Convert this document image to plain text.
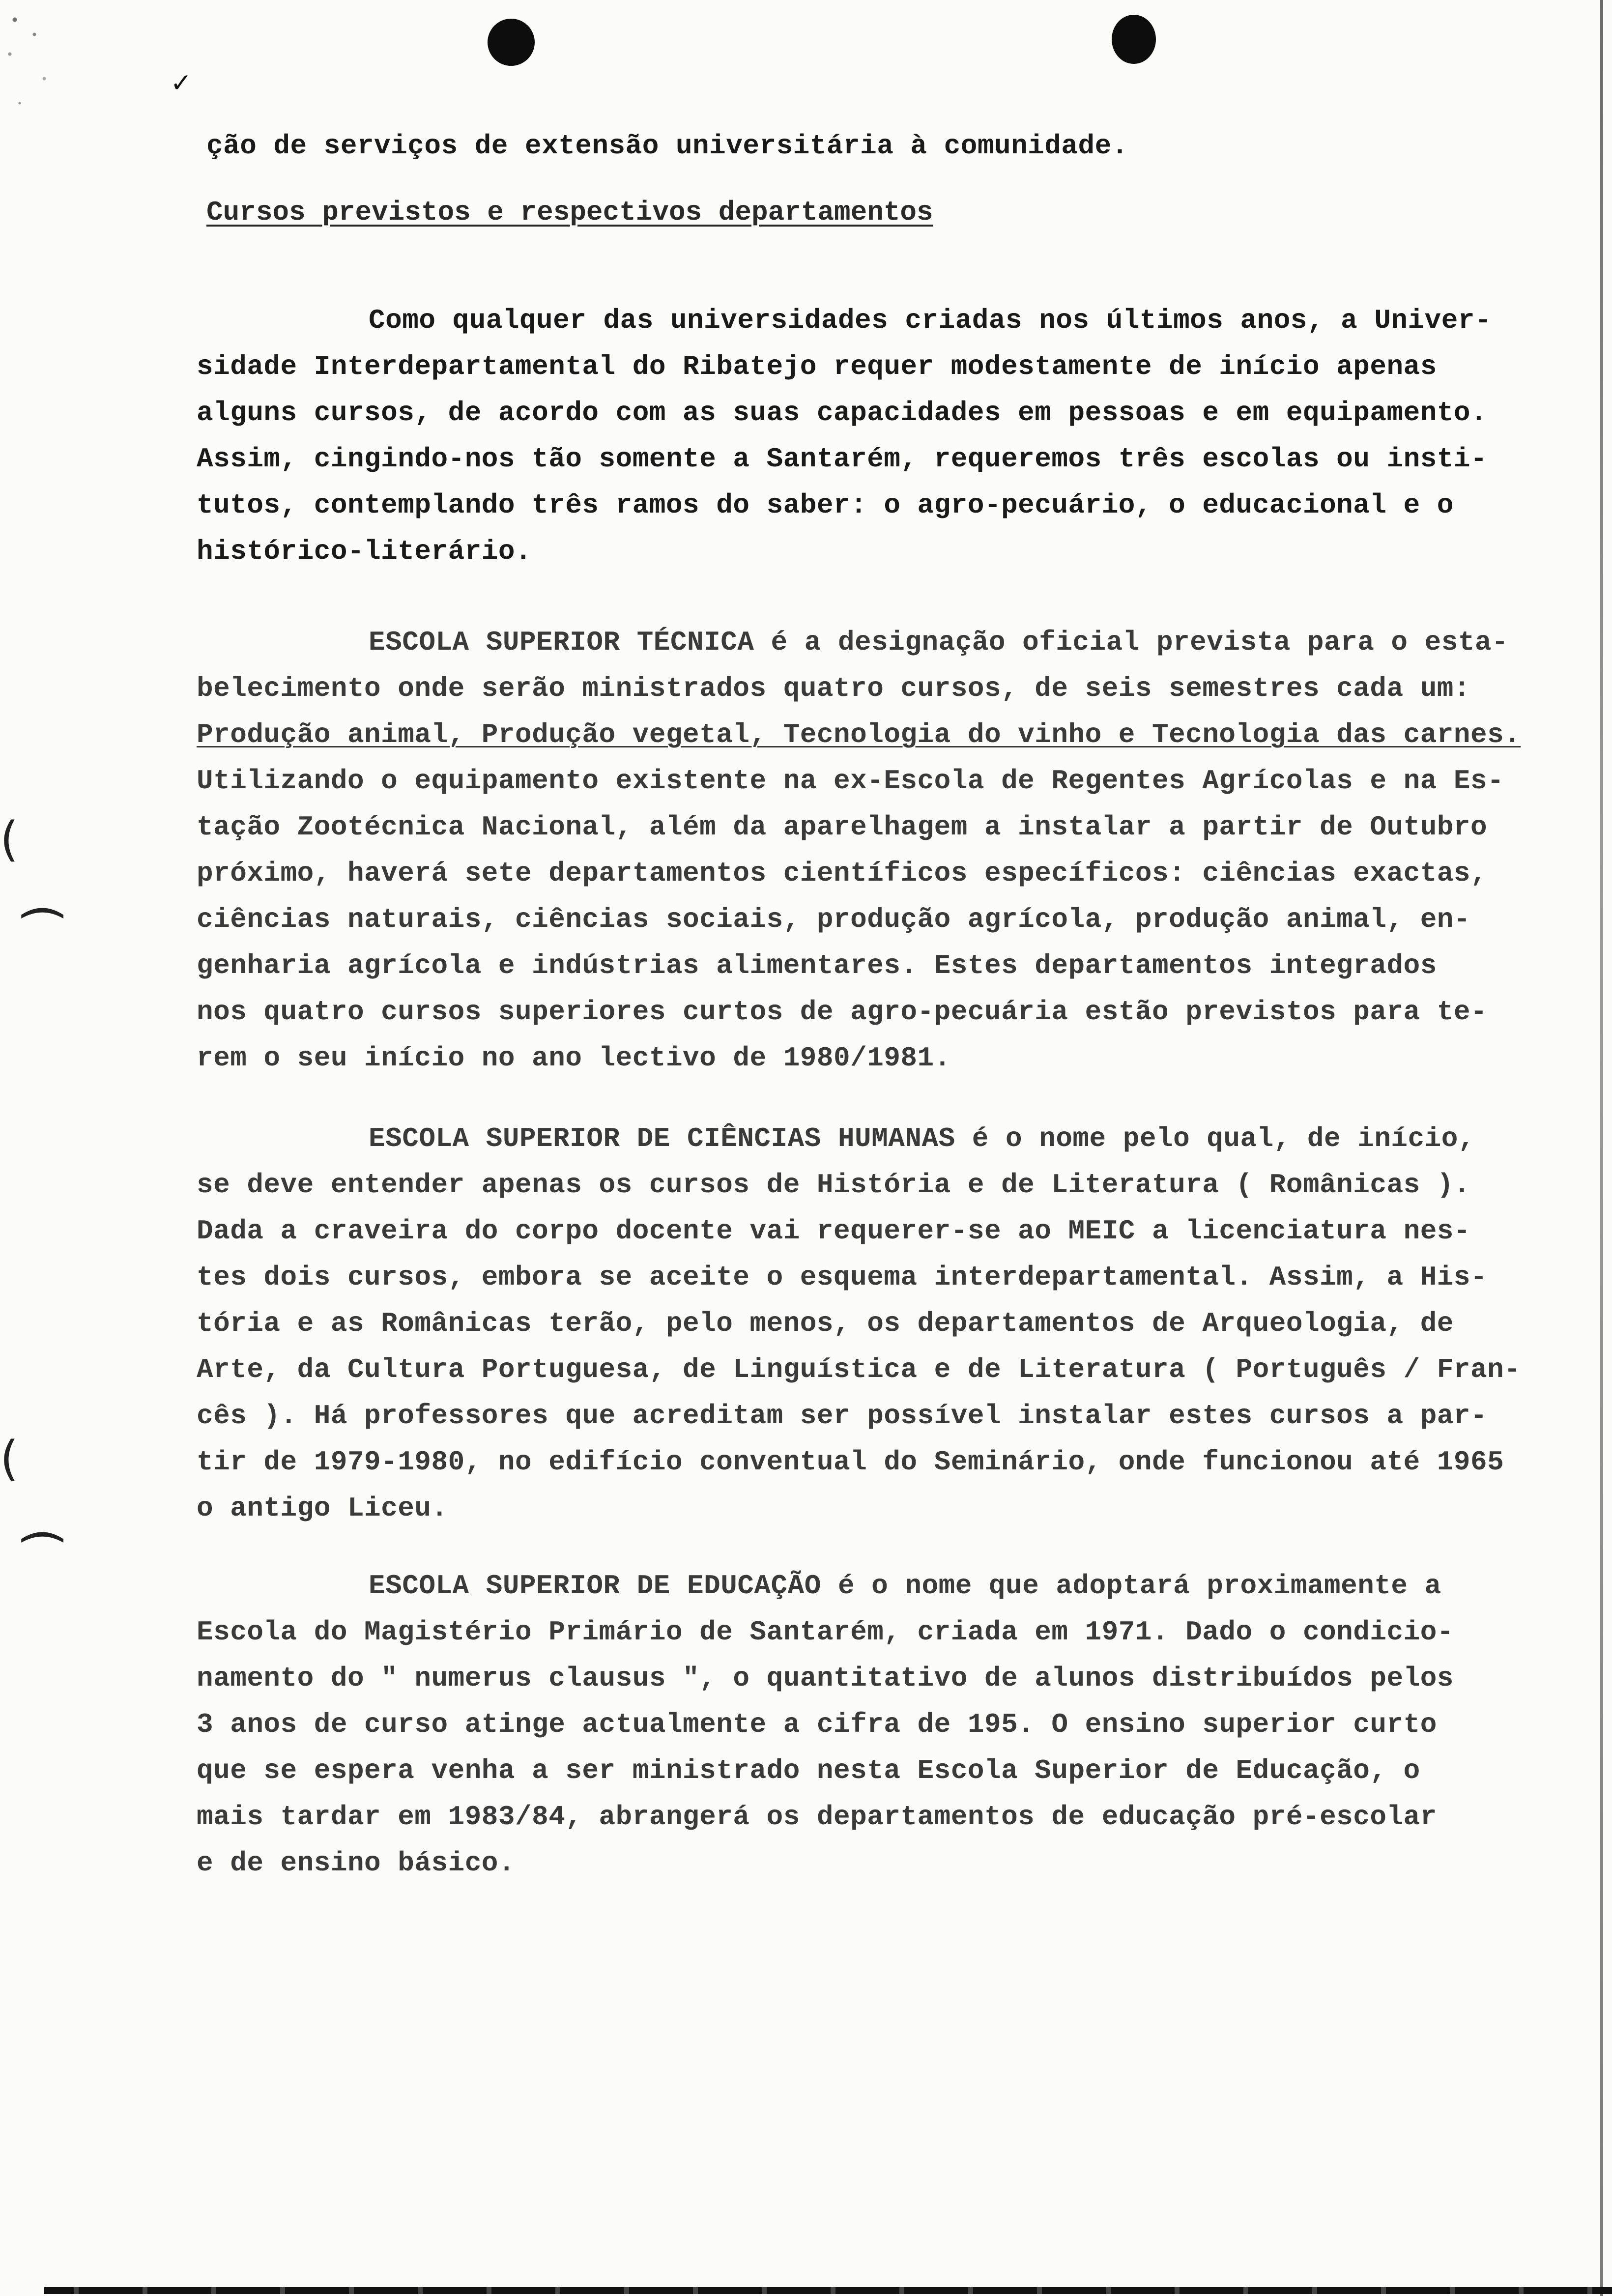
✓
(
(
(
(
ção de serviços de extensão universitária à comunidade.
Cursos previstos e respectivos departamentos
Como qualquer das universidades criadas nos últimos anos, a Univer-
sidade Interdepartamental do Ribatejo requer modestamente de início apenas
alguns cursos, de acordo com as suas capacidades em pessoas e em equipamento.
Assim, cingindo-nos tão somente a Santarém, requeremos três escolas ou insti-
tutos, contemplando três ramos do saber: o agro-pecuário, o educacional e o
histórico-literário.
ESCOLA SUPERIOR TÉCNICA é a designação oficial prevista para o esta-
belecimento onde serão ministrados quatro cursos, de seis semestres cada um:
Produção animal, Produção vegetal, Tecnologia do vinho e Tecnologia das carnes.
Utilizando o equipamento existente na ex-Escola de Regentes Agrícolas e na Es-
tação Zootécnica Nacional, além da aparelhagem a instalar a partir de Outubro
próximo, haverá sete departamentos científicos específicos: ciências exactas,
ciências naturais, ciências sociais, produção agrícola, produção animal, en-
genharia agrícola e indústrias alimentares. Estes departamentos integrados
nos quatro cursos superiores curtos de agro-pecuária estão previstos para te-
rem o seu início no ano lectivo de 1980/1981.
ESCOLA SUPERIOR DE CIÊNCIAS HUMANAS é o nome pelo qual, de início,
se deve entender apenas os cursos de História e de Literatura ( Românicas ).
Dada a craveira do corpo docente vai requerer-se ao MEIC a licenciatura nes-
tes dois cursos, embora se aceite o esquema interdepartamental. Assim, a His-
tória e as Românicas terão, pelo menos, os departamentos de Arqueologia, de
Arte, da Cultura Portuguesa, de Linguística e de Literatura ( Português / Fran-
cês ). Há professores que acreditam ser possível instalar estes cursos a par-
tir de 1979-1980, no edifício conventual do Seminário, onde funcionou até 1965
o antigo Liceu.
ESCOLA SUPERIOR DE EDUCAÇÃO é o nome que adoptará proximamente a
Escola do Magistério Primário de Santarém, criada em 1971. Dado o condicio-
namento do " numerus clausus ", o quantitativo de alunos distribuídos pelos
3 anos de curso atinge actualmente a cifra de 195. O ensino superior curto
que se espera venha a ser ministrado nesta Escola Superior de Educação, o
mais tardar em 1983/84, abrangerá os departamentos de educação pré-escolar
e de ensino básico.
